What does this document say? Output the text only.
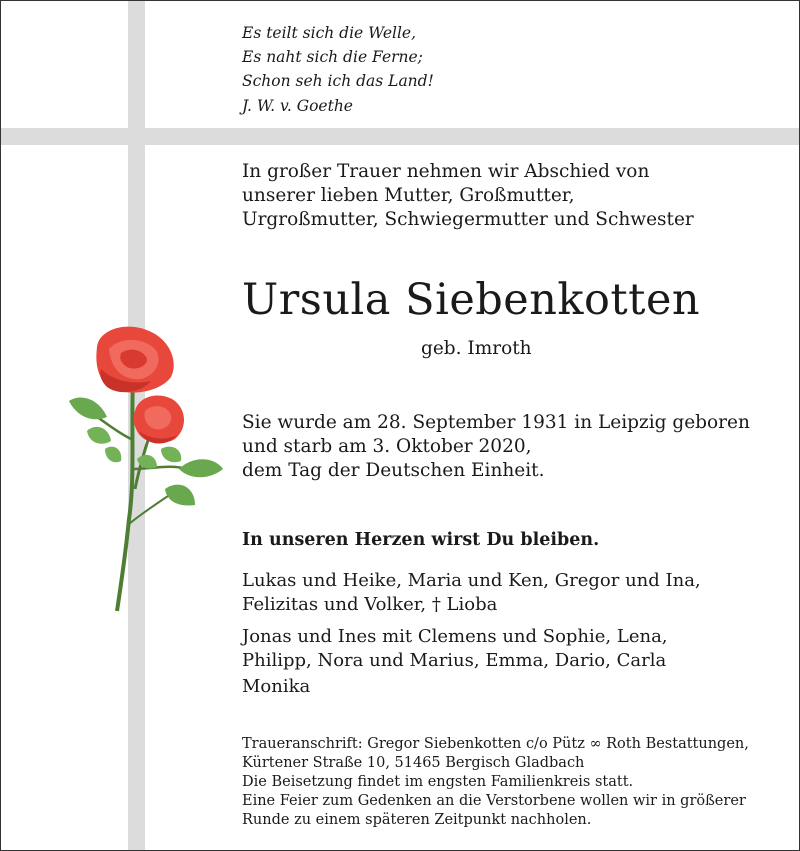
Es teilt sich die Welle,
Es naht sich die Ferne;
Schon seh ich das Land!
J. W. v. Goethe
In großer Trauer nehmen wir Abschied von
unserer lieben Mutter, Großmutter,
Urgroßmutter, Schwiegermutter und Schwester
Ursula Siebenkotten
geb. Imroth
Sie wurde am 28. September 1931 in Leipzig geboren
und starb am 3. Oktober 2020,
dem Tag der Deutschen Einheit.
In unseren Herzen wirst Du bleiben.
Lukas und Heike, Maria und Ken, Gregor und Ina,
Felizitas und Volker, † Lioba
Jonas und Ines mit Clemens und Sophie, Lena,
Philipp, Nora und Marius, Emma, Dario, Carla
Monika
Traueranschrift: Gregor Siebenkotten c/o Pütz ∞ Roth Bestattungen,
Kürtener Straße 10, 51465 Bergisch Gladbach
Die Beisetzung findet im engsten Familienkreis statt.
Eine Feier zum Gedenken an die Verstorbene wollen wir in größerer
Runde zu einem späteren Zeitpunkt nachholen.
